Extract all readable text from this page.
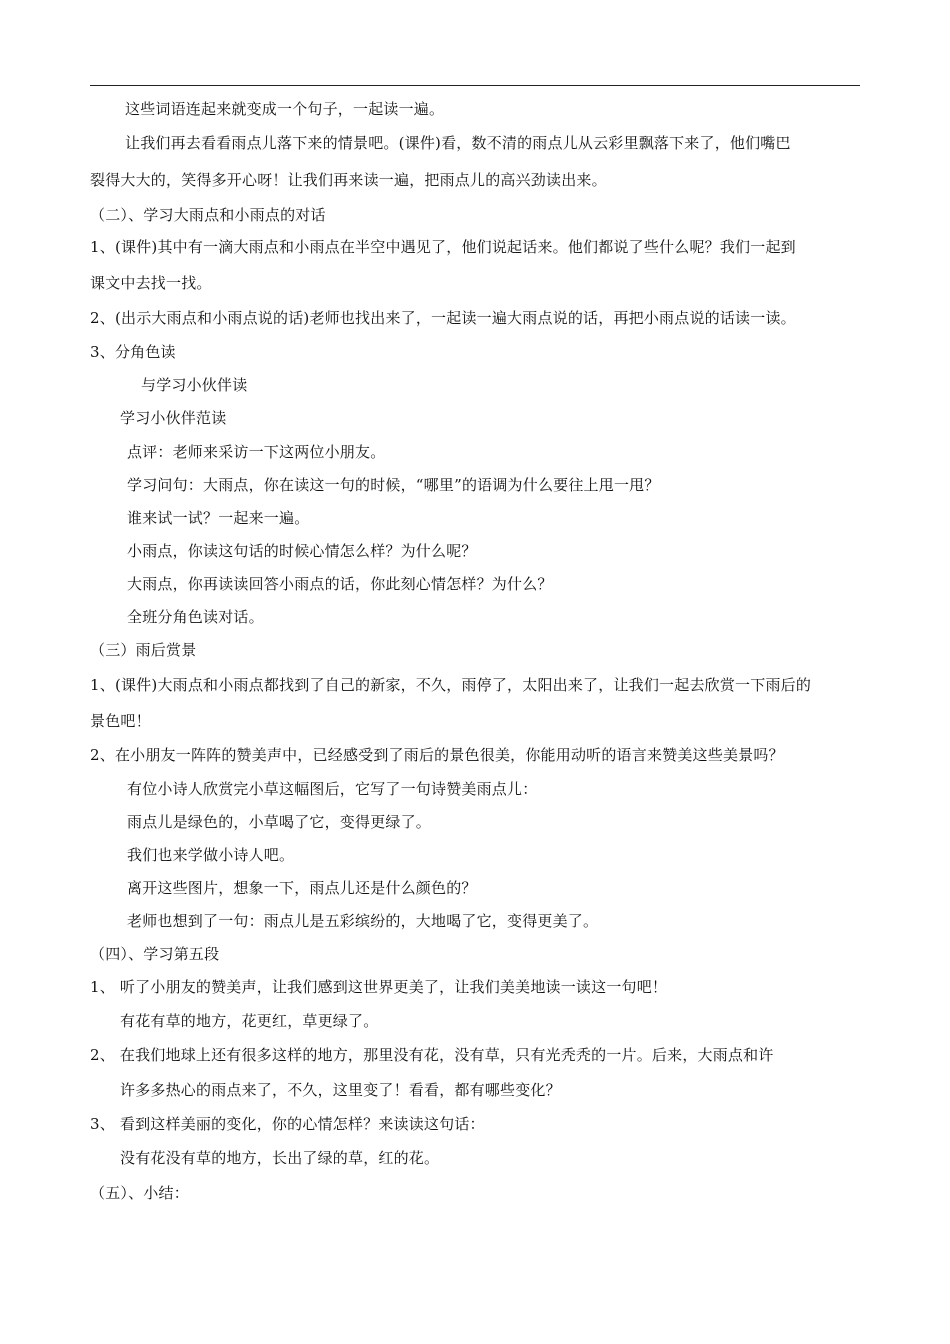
这些词语连起来就变成一个句子，一起读一遍。
让我们再去看看雨点儿落下来的情景吧。(课件)看，数不清的雨点儿从云彩里飘落下来了，他们嘴巴
裂得大大的，笑得多开心呀！让我们再来读一遍，把雨点儿的高兴劲读出来。
（二）、学习大雨点和小雨点的对话
1、(课件)其中有一滴大雨点和小雨点在半空中遇见了，他们说起话来。他们都说了些什么呢？我们一起到
课文中去找一找。
2、(出示大雨点和小雨点说的话)老师也找出来了，一起读一遍大雨点说的话，再把小雨点说的话读一读。
3、分角色读
与学习小伙伴读
学习小伙伴范读
点评：老师来采访一下这两位小朋友。
学习问句：大雨点，你在读这一句的时候，“哪里”的语调为什么要往上甩一甩？
谁来试一试？一起来一遍。
小雨点，你读这句话的时候心情怎么样？为什么呢？
大雨点，你再读读回答小雨点的话，你此刻心情怎样？为什么？
全班分角色读对话。
（三）雨后赏景
1、(课件)大雨点和小雨点都找到了自己的新家，不久，雨停了，太阳出来了，让我们一起去欣赏一下雨后的
景色吧！
2、在小朋友一阵阵的赞美声中，已经感受到了雨后的景色很美，你能用动听的语言来赞美这些美景吗？
有位小诗人欣赏完小草这幅图后，它写了一句诗赞美雨点儿：
雨点儿是绿色的，小草喝了它，变得更绿了。
我们也来学做小诗人吧。
离开这些图片，想象一下，雨点儿还是什么颜色的？
老师也想到了一句：雨点儿是五彩缤纷的，大地喝了它，变得更美了。
（四）、学习第五段
1、 听了小朋友的赞美声，让我们感到这世界更美了，让我们美美地读一读这一句吧！
有花有草的地方，花更红，草更绿了。
2、 在我们地球上还有很多这样的地方，那里没有花，没有草，只有光秃秃的一片。后来，大雨点和许
许多多热心的雨点来了，不久，这里变了！看看，都有哪些变化？
3、 看到这样美丽的变化，你的心情怎样？来读读这句话：
没有花没有草的地方，长出了绿的草，红的花。
（五）、小结：
